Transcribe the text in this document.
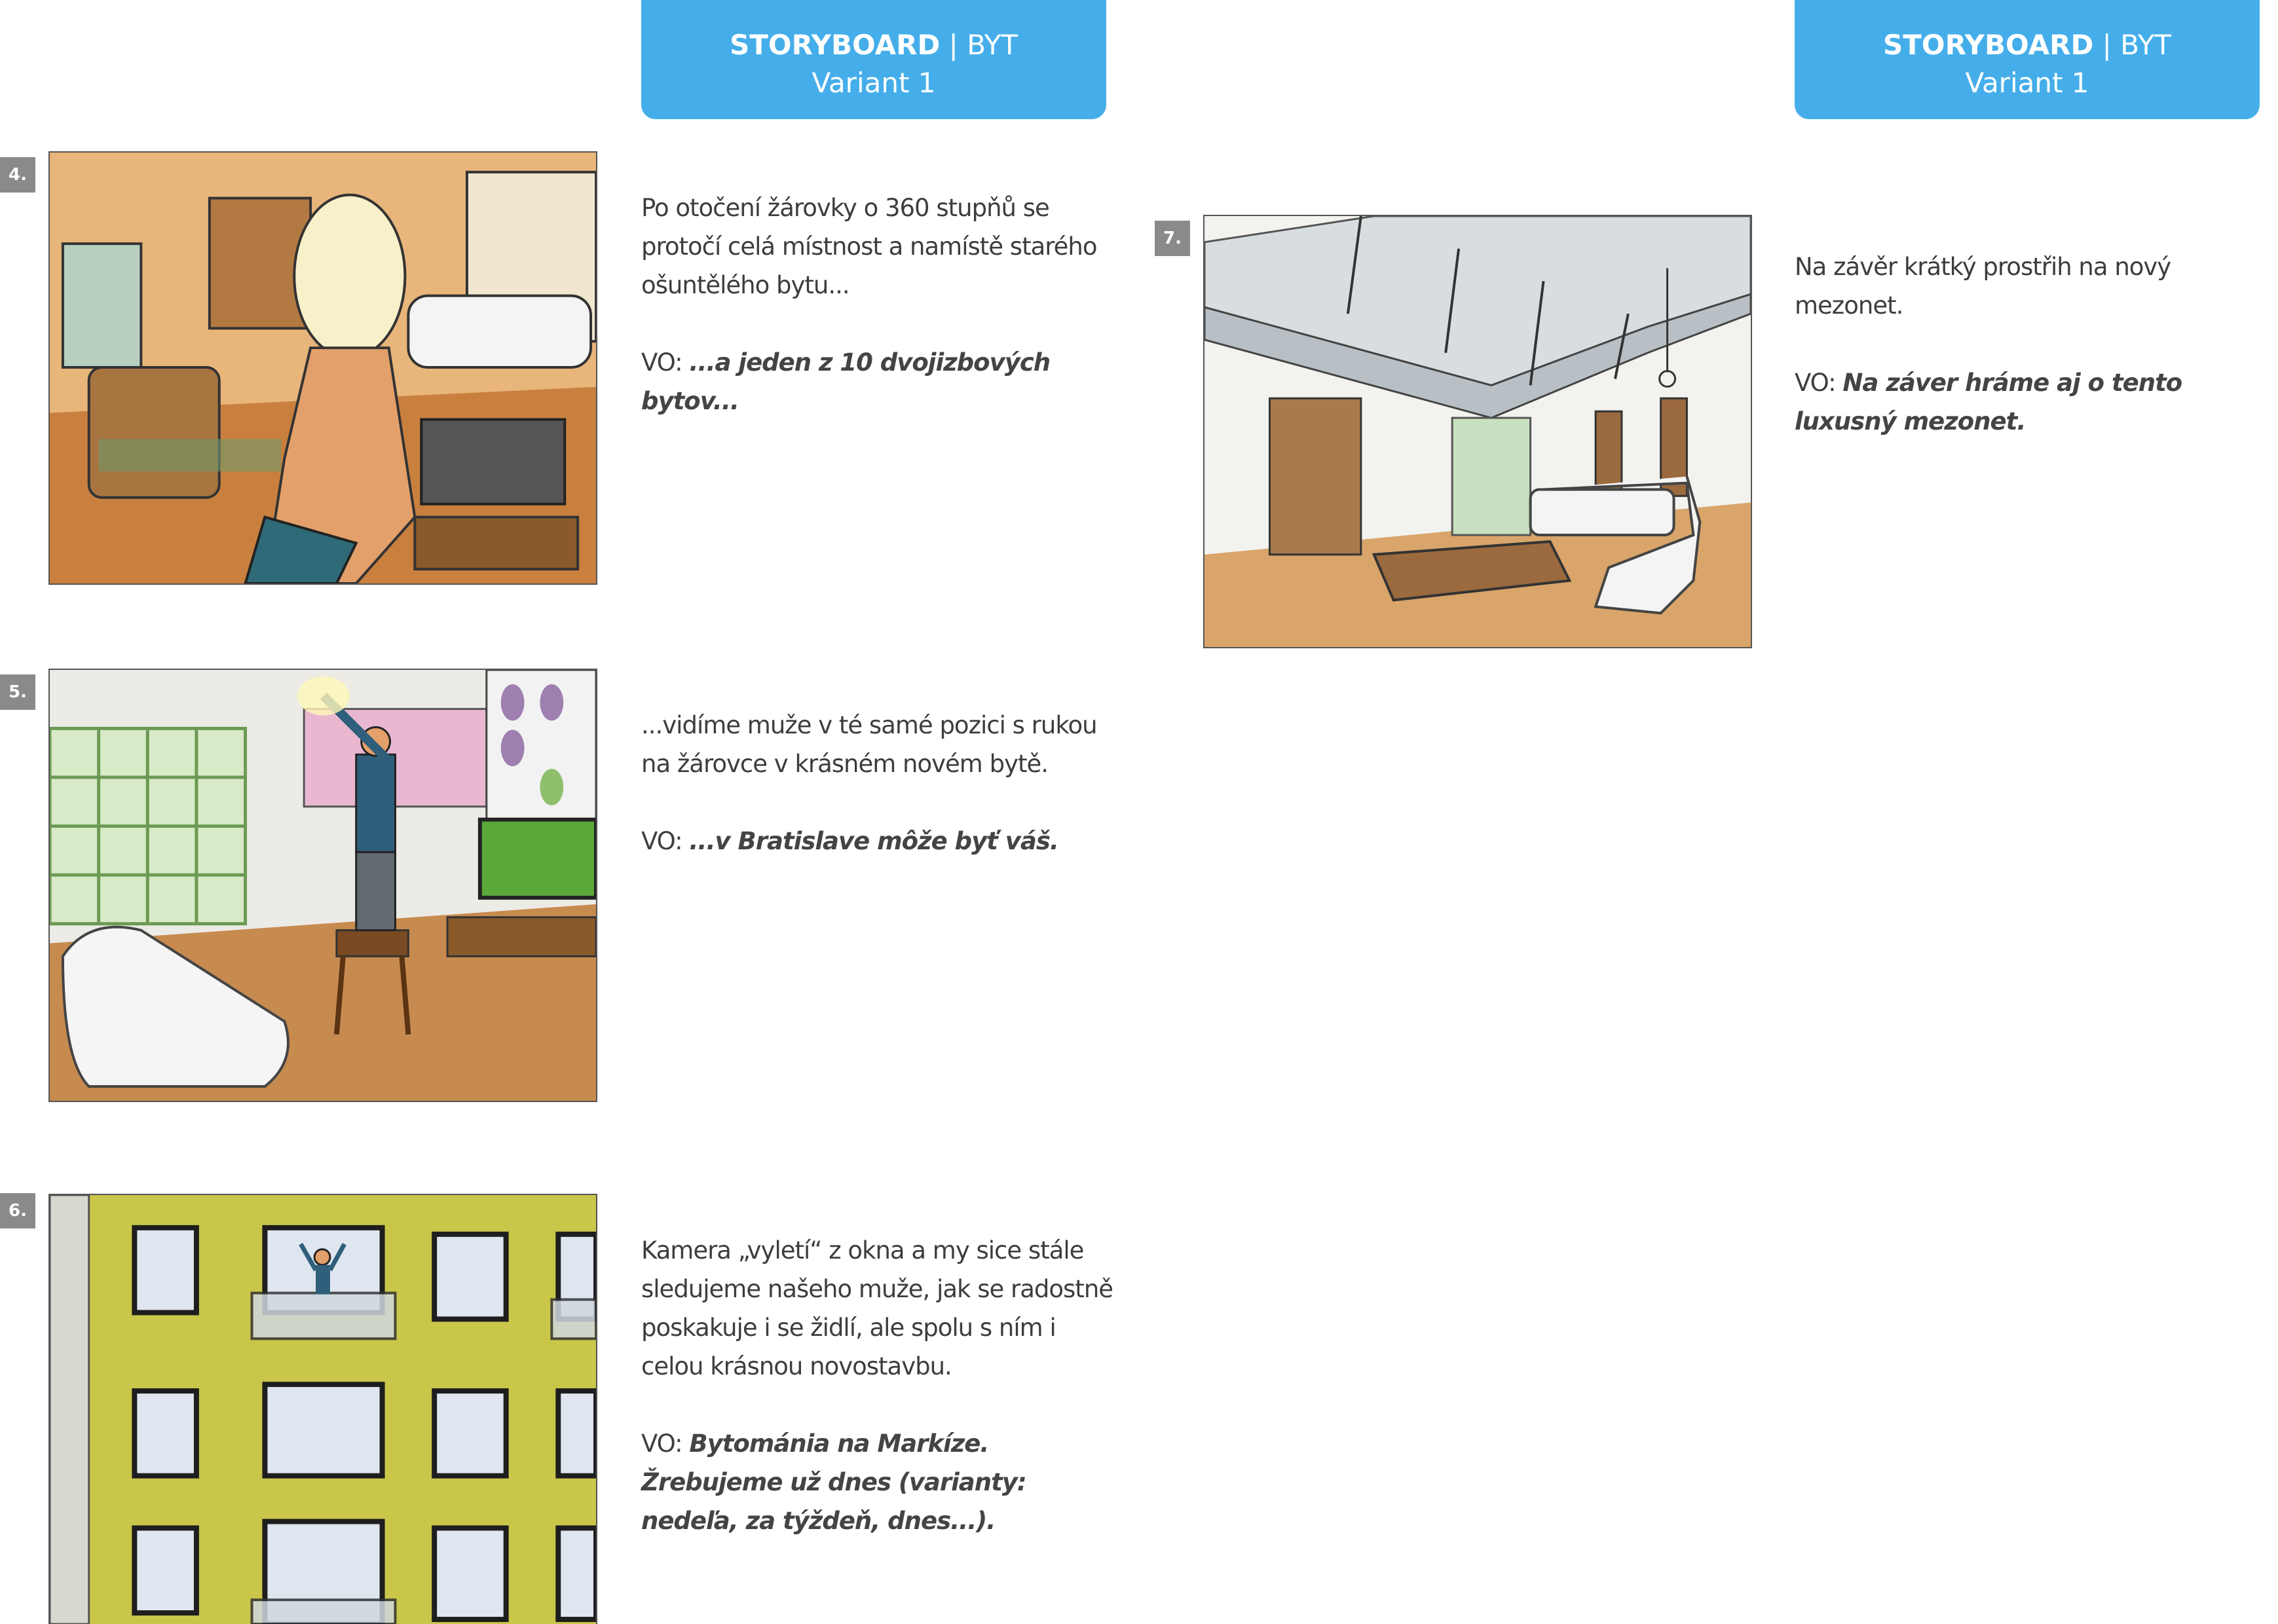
STORYBOARD | BYT
Variant 1
STORYBOARD | BYT
Variant 1
4.

Po otočení žárovky o 360 stupňů se protočí celá místnost a namístě starého ošuntělého bytu...

VO: ...a jeden z 10 dvojizbových bytov...

5.

...vidíme muže v té samé pozici s rukou na žárovce v krásném novém bytě.

VO: ...v Bratislave môže byť váš.

6.

Kamera „vyletí“ z okna a my sice stále sledujeme našeho muže, jak se radostně poskakuje i se židlí, ale spolu s ním i celou krásnou novostavbu.

VO: Bytománia na Markíze. Žrebujeme už dnes (varianty: nedeľa, za týždeň, dnes...).

7.

Na závěr krátký prostřih na nový mezonet.

VO: Na záver hráme aj o tento luxusný mezonet.
